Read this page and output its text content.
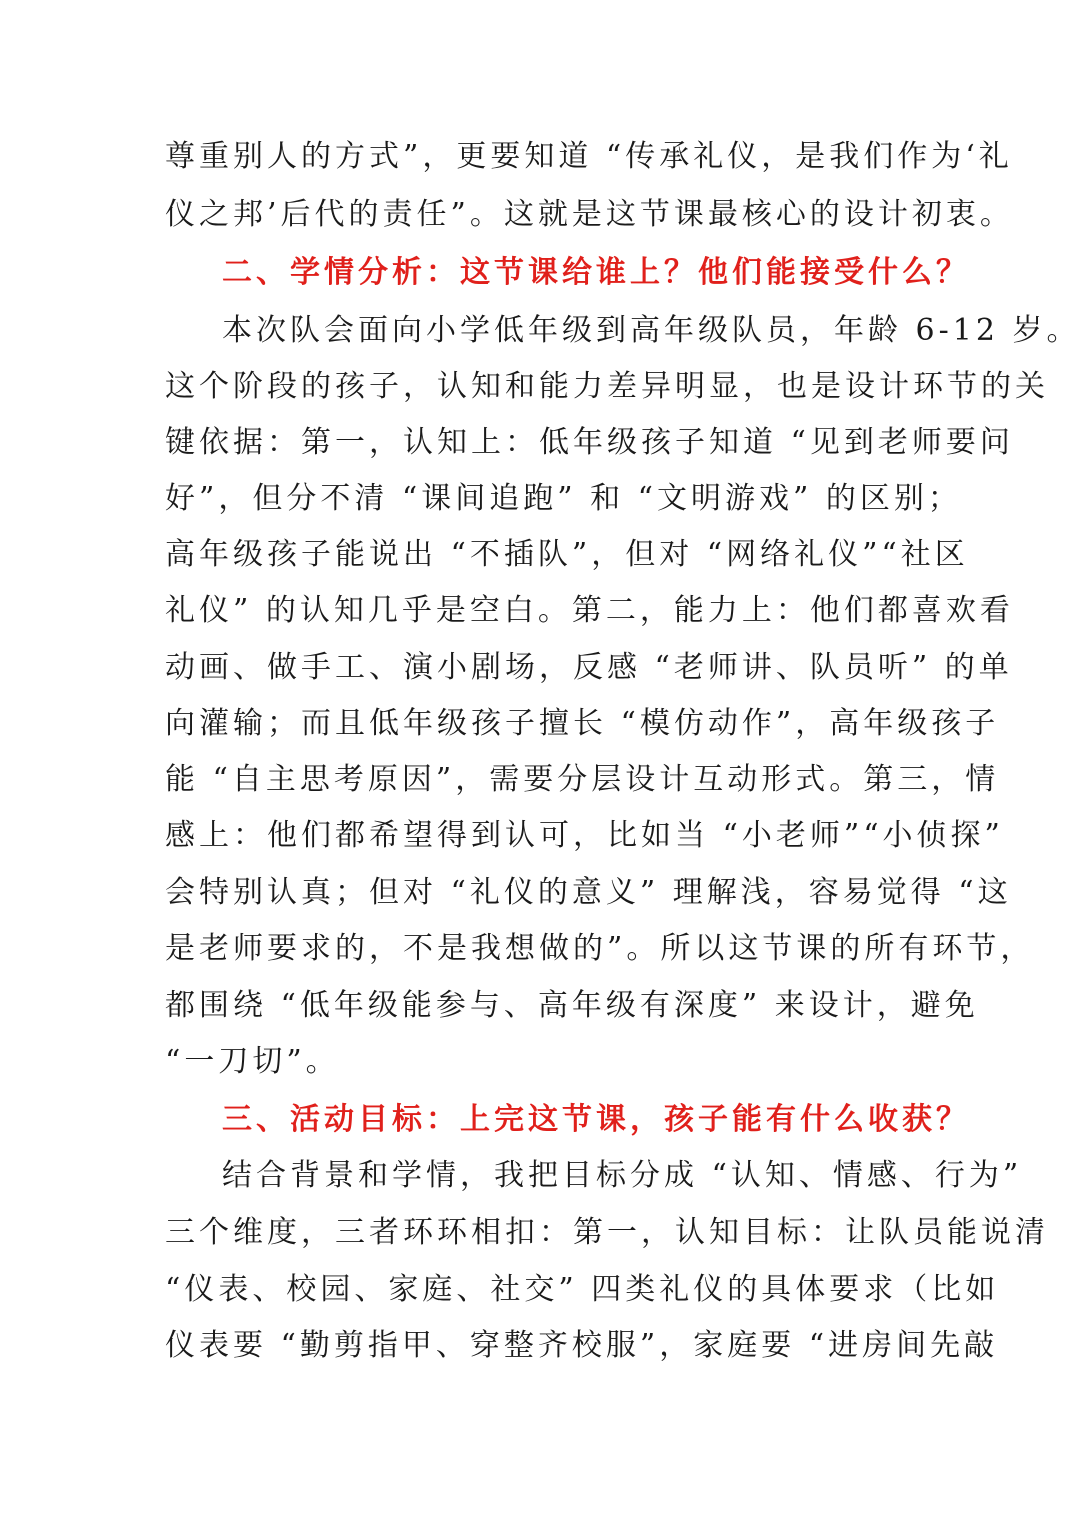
尊重别人的方式”，更要知道 “传承礼仪，是我们作为‘礼
仪之邦’后代的责任”。这就是这节课最核心的设计初衷。
二、学情分析：这节课给谁上？他们能接受什么？
本次队会面向小学低年级到高年级队员，年龄 6-12 岁。
这个阶段的孩子，认知和能力差异明显，也是设计环节的关
键依据：第一，认知上：低年级孩子知道 “见到老师要问
好”，但分不清 “课间追跑” 和 “文明游戏” 的区别；
高年级孩子能说出 “不插队”，但对 “网络礼仪”“社区
礼仪” 的认知几乎是空白。第二，能力上：他们都喜欢看
动画、做手工、演小剧场，反感 “老师讲、队员听” 的单
向灌输；而且低年级孩子擅长 “模仿动作”，高年级孩子
能 “自主思考原因”，需要分层设计互动形式。第三，情
感上：他们都希望得到认可，比如当 “小老师”“小侦探”
会特别认真；但对 “礼仪的意义” 理解浅，容易觉得 “这
是老师要求的，不是我想做的”。所以这节课的所有环节，
都围绕 “低年级能参与、高年级有深度” 来设计，避免
“一刀切”。
三、活动目标：上完这节课，孩子能有什么收获？
结合背景和学情，我把目标分成 “认知、情感、行为”
三个维度，三者环环相扣：第一，认知目标：让队员能说清
“仪表、校园、家庭、社交” 四类礼仪的具体要求（比如
仪表要 “勤剪指甲、穿整齐校服”，家庭要 “进房间先敲
